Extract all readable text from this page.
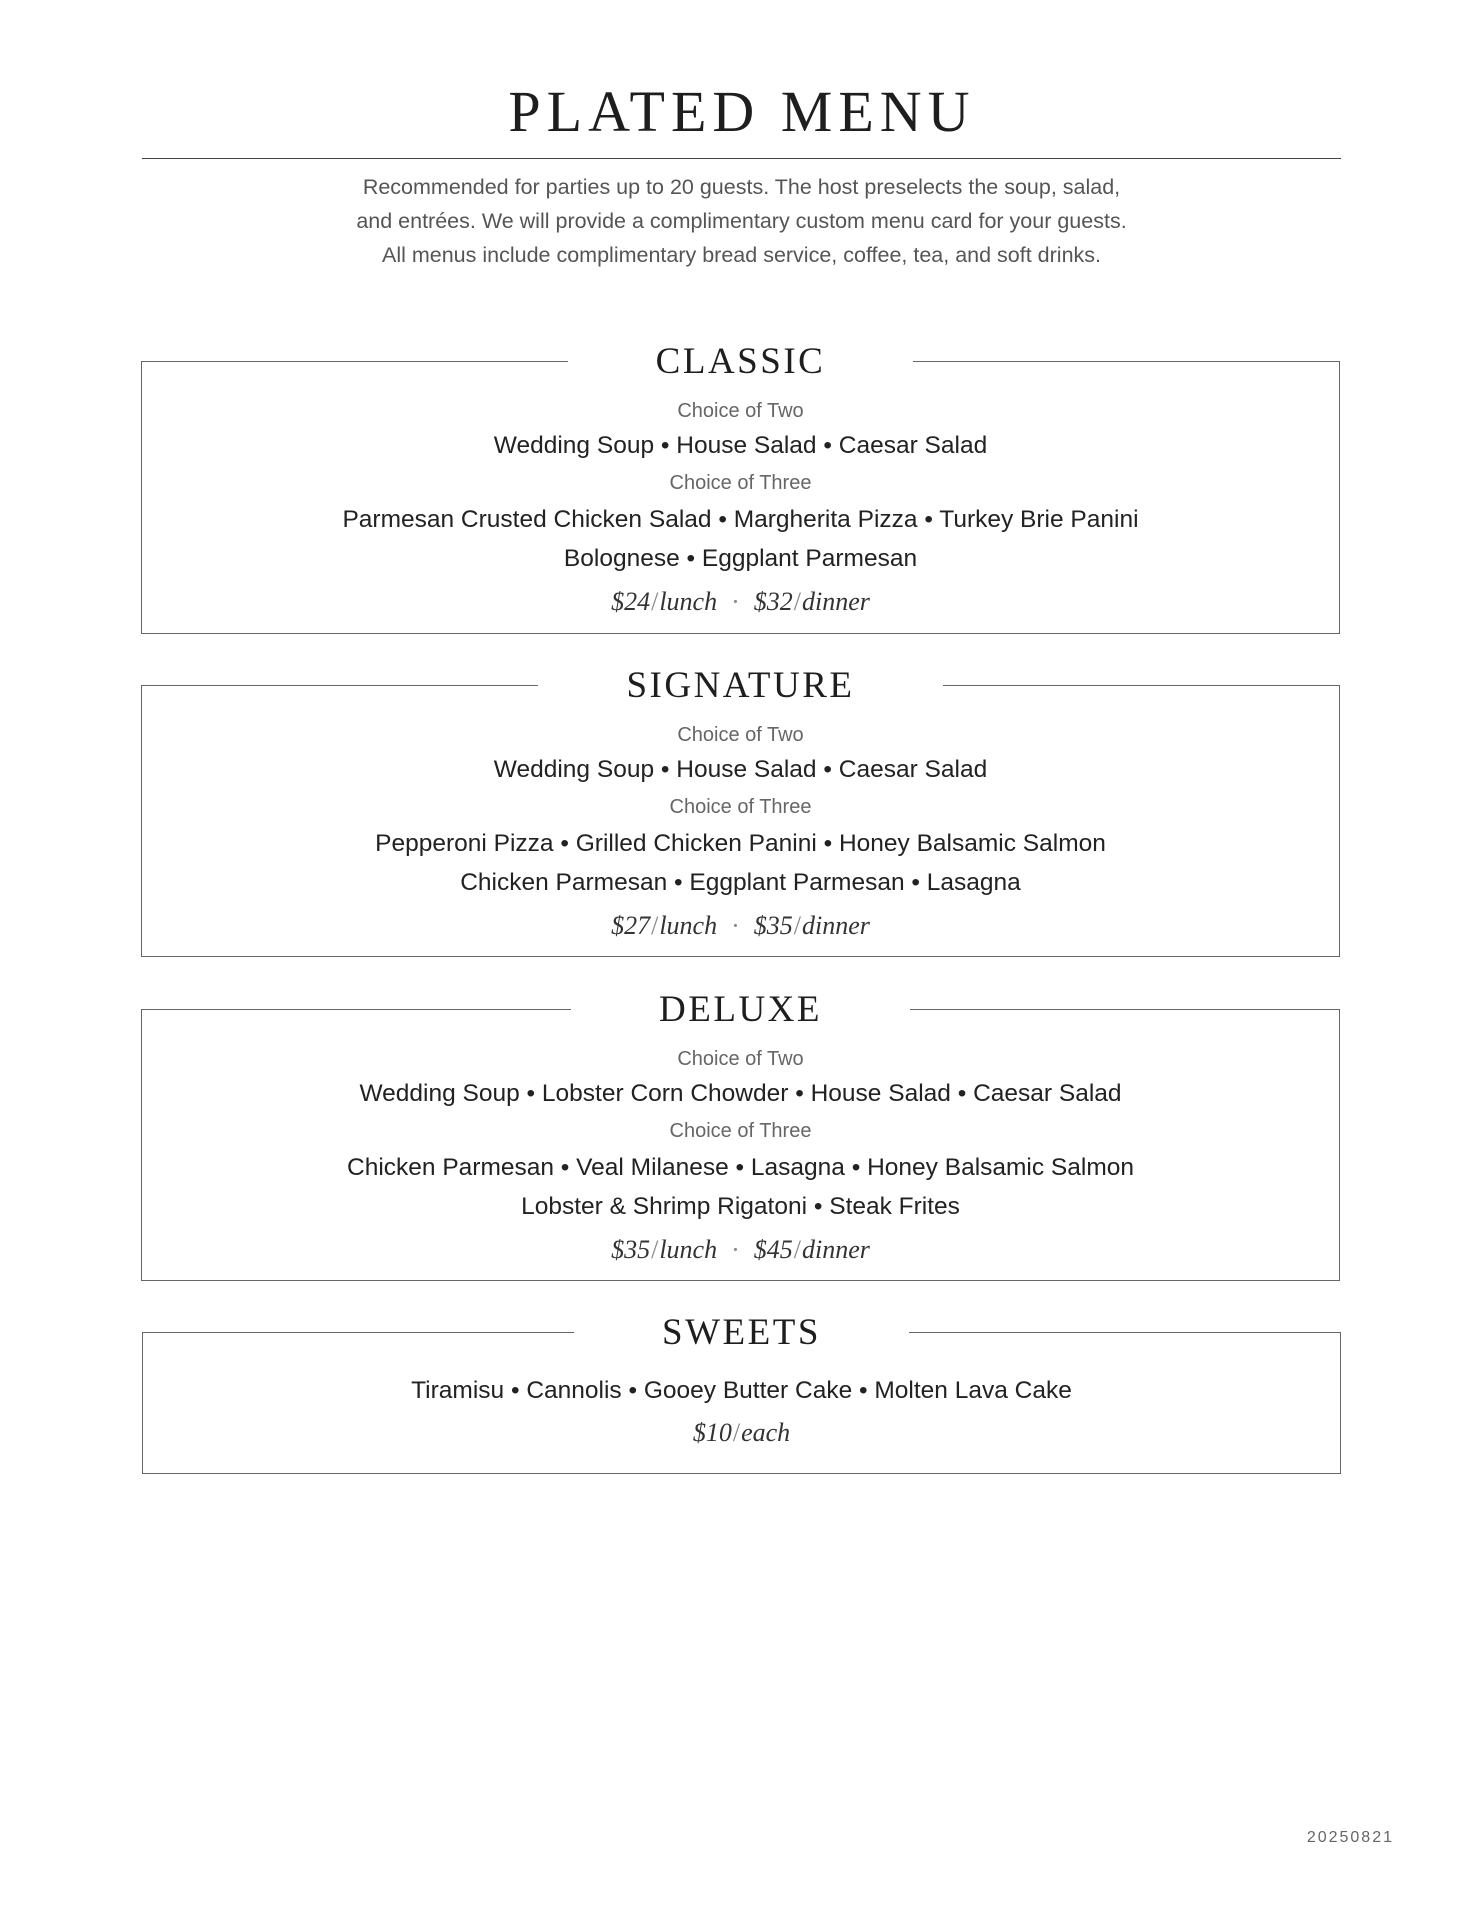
PLATED MENU
Recommended for parties up to 20 guests. The host preselects the soup, salad,
and entrées. We will provide a complimentary custom menu card for your guests.
All menus include complimentary bread service, coffee, tea, and soft drinks.
CLASSIC
Choice of Two
Wedding Soup • House Salad • Caesar Salad
Choice of Three
Parmesan Crusted Chicken Salad • Margherita Pizza • Turkey Brie Panini
Bolognese • Eggplant Parmesan
$24/lunch  ·  $32/dinner
SIGNATURE
Choice of Two
Wedding Soup • House Salad • Caesar Salad
Choice of Three
Pepperoni Pizza • Grilled Chicken Panini • Honey Balsamic Salmon
Chicken Parmesan • Eggplant Parmesan • Lasagna
$27/lunch  ·  $35/dinner
DELUXE
Choice of Two
Wedding Soup • Lobster Corn Chowder • House Salad • Caesar Salad
Choice of Three
Chicken Parmesan • Veal Milanese • Lasagna • Honey Balsamic Salmon
Lobster & Shrimp Rigatoni • Steak Frites
$35/lunch  ·  $45/dinner
SWEETS
Tiramisu • Cannolis • Gooey Butter Cake • Molten Lava Cake
$10/each
20250821
